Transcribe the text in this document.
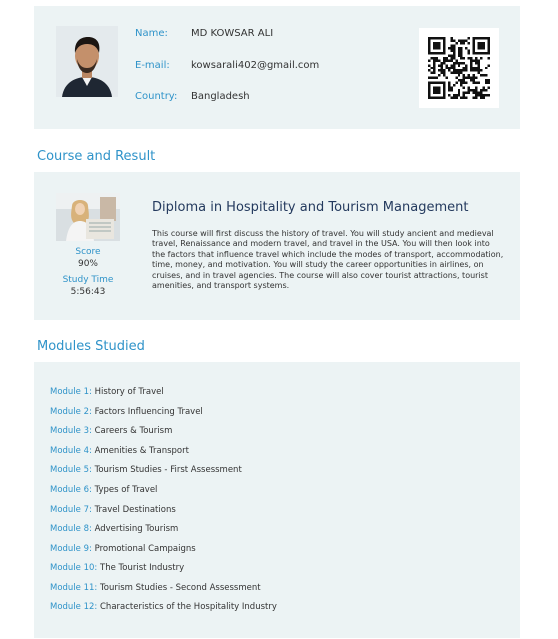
Name: MD KOWSAR ALI
E-mail: kowsarali402@gmail.com
Country: Bangladesh
Course and Result
Score
90%
Study Time
5:56:43
Diploma in Hospitality and Tourism Management
This course will first discuss the history of travel. You will study ancient and medieval travel, Renaissance and modern travel, and travel in the USA. You will then look into the factors that influence travel which include the modes of transport, accommodation, time, money, and motivation. You will study the career opportunities in airlines, on cruises, and in travel agencies. The course will also cover tourist attractions, tourist amenities, and transport systems.
Modules Studied
Module 1: History of Travel
Module 2: Factors Influencing Travel
Module 3: Careers & Tourism
Module 4: Amenities & Transport
Module 5: Tourism Studies - First Assessment
Module 6: Types of Travel
Module 7: Travel Destinations
Module 8: Advertising Tourism
Module 9: Promotional Campaigns
Module 10: The Tourist Industry
Module 11: Tourism Studies - Second Assessment
Module 12: Characteristics of the Hospitality Industry
